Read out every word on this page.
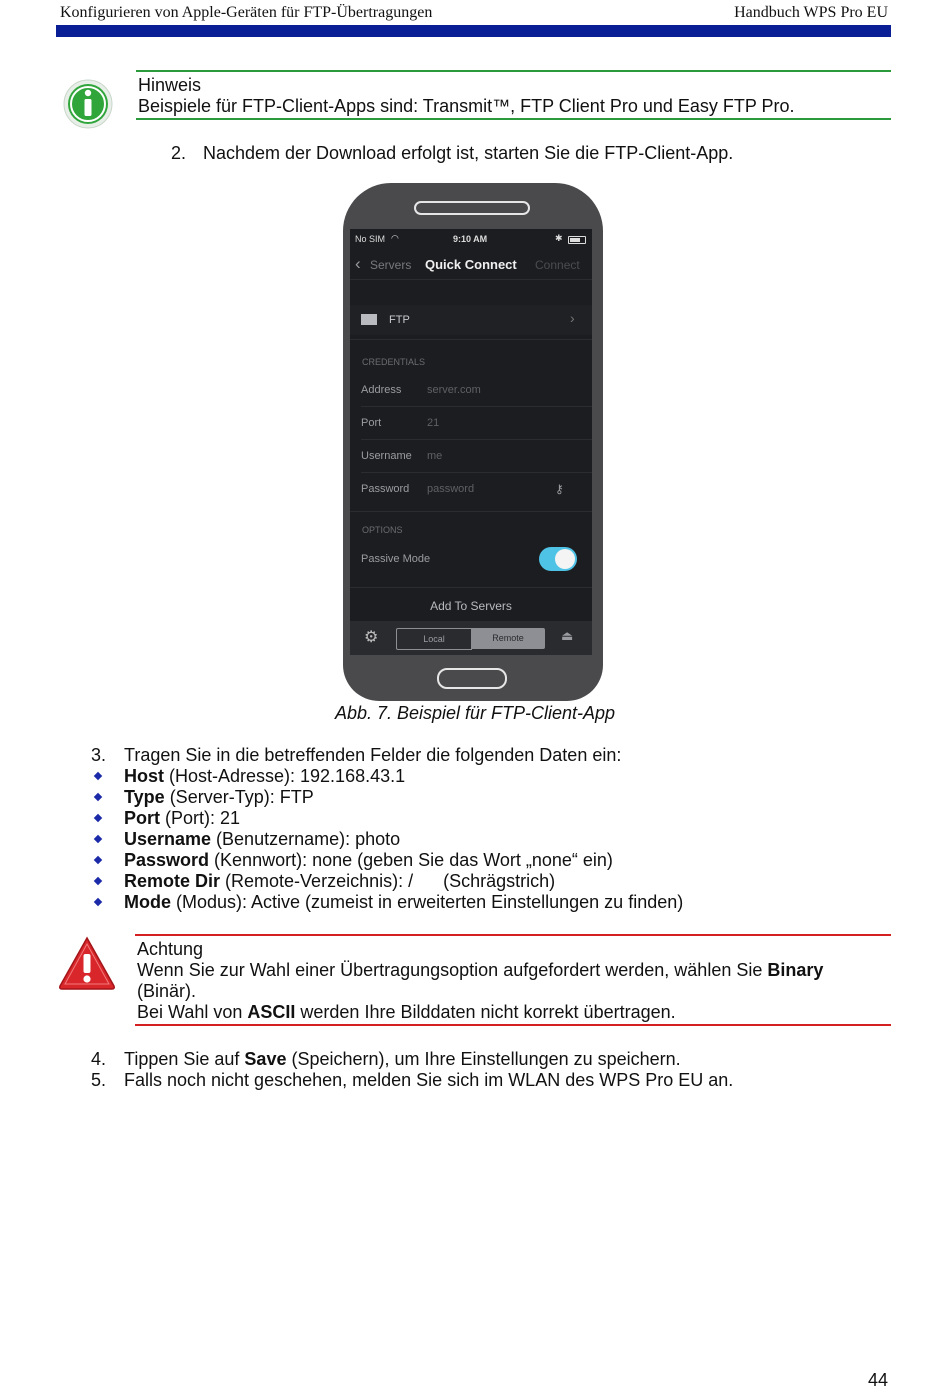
Konfigurieren von Apple-Geräten für FTP-Übertragungen	Handbuch WPS Pro EU
Hinweis
Beispiele für FTP-Client-Apps sind: Transmit™, FTP Client Pro und Easy FTP Pro.
2. Nachdem der Download erfolgt ist, starten Sie die FTP-Client-App.
No SIM ◠	9:10 AM	✱
‹ Servers Quick Connect Connect
FTP	›
CREDENTIALS
Address server.com
Port	21
Username me
Password password	⚷
OPTIONS
Passive Mode
Add To Servers
⚙	Local	Remote	⏏
Abb. 7. Beispiel für FTP-Client-App
3. Tragen Sie in die betreffenden Felder die folgenden Daten ein:
Host (Host-Adresse): 192.168.43.1
Type (Server-Typ): FTP
Port (Port): 21
Username (Benutzername): photo
Password (Kennwort): none (geben Sie das Wort „none“ ein)
Remote Dir (Remote-Verzeichnis): /      (Schrägstrich)
Mode (Modus): Active (zumeist in erweiterten Einstellungen zu finden)
Achtung
Wenn Sie zur Wahl einer Übertragungsoption aufgefordert werden, wählen Sie Binary
(Binär).
Bei Wahl von ASCII werden Ihre Bilddaten nicht korrekt übertragen.
4. Tippen Sie auf Save (Speichern), um Ihre Einstellungen zu speichern.
5. Falls noch nicht geschehen, melden Sie sich im WLAN des WPS Pro EU an.
44
